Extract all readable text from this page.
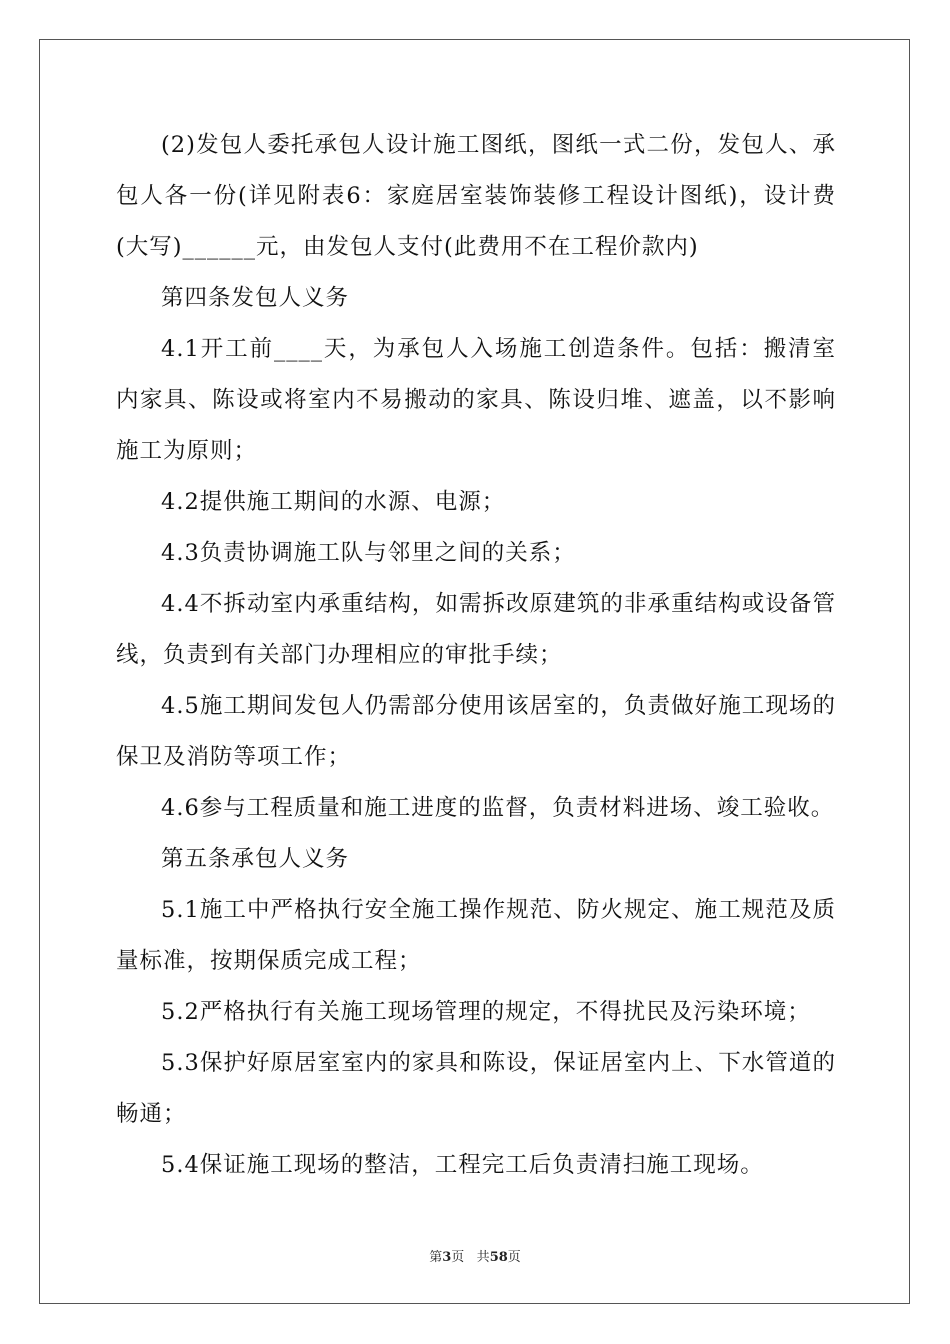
(2)发包人委托承包人设计施工图纸，图纸一式二份，发包人、承包人各一份(详见附表6：家庭居室装饰装修工程设计图纸)，设计费(大写)______元，由发包人支付(此费用不在工程价款内)

第四条发包人义务

4.1开工前____天，为承包人入场施工创造条件。包括：搬清室内家具、陈设或将室内不易搬动的家具、陈设归堆、遮盖，以不影响施工为原则；

4.2提供施工期间的水源、电源；

4.3负责协调施工队与邻里之间的关系；

4.4不拆动室内承重结构，如需拆改原建筑的非承重结构或设备管线，负责到有关部门办理相应的审批手续；

4.5施工期间发包人仍需部分使用该居室的，负责做好施工现场的保卫及消防等项工作；

4.6参与工程质量和施工进度的监督，负责材料进场、竣工验收。

第五条承包人义务

5.1施工中严格执行安全施工操作规范、防火规定、施工规范及质量标准，按期保质完成工程；

5.2严格执行有关施工现场管理的规定，不得扰民及污染环境；

5.3保护好原居室室内的家具和陈设，保证居室内上、下水管道的畅通；

5.4保证施工现场的整洁，工程完工后负责清扫施工现场。

第3页 共58页
